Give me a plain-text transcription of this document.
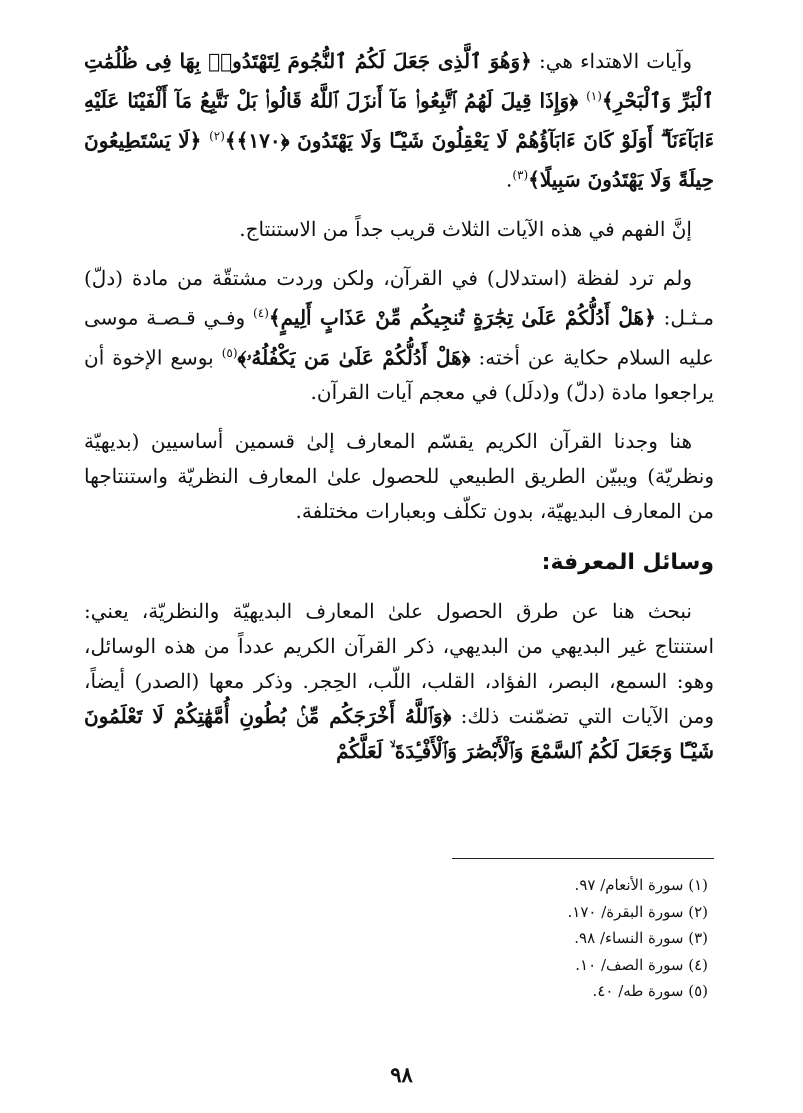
وآيات الاهتداء هي: ﴿وَهُوَ ٱلَّذِى جَعَلَ لَكُمُ ٱلنُّجُومَ لِتَهْتَدُوا۟ بِهَا فِى ظُلُمَٰتِ ٱلْبَرِّ وَٱلْبَحْرِ﴾$^{(١)}$ ﴿وَإِذَا قِيلَ لَهُمُ ٱتَّبِعُوا۟ مَآ أَنزَلَ ٱللَّهُ قَالُوا۟ بَلْ نَتَّبِعُ مَآ أَلْفَيْنَا عَلَيْهِ ءَابَآءَنَآ ۗ أَوَلَوْ كَانَ ءَابَآؤُهُمْ لَا يَعْقِلُونَ شَيْـًٔا وَلَا يَهْتَدُونَ ﴿١٧٠﴾﴾$^{(٢)}$ ﴿لَا يَسْتَطِيعُونَ حِيلَةً وَلَا يَهْتَدُونَ سَبِيلًا﴾$^{(٣)}$.

إنَّ الفهم في هذه الآيات الثلاث قريب جداً من الاستنتاج.

ولم ترد لفظة (استدلال) في القرآن، ولكن وردت مشتقّة من مادة (دلّ) مـثـل: ﴿هَلْ أَدُلُّكُمْ عَلَىٰ تِجَٰرَةٍ تُنجِيكُم مِّنْ عَذَابٍ أَلِيمٍ﴾$^{(٤)}$ وفـي قـصـة موسى عليه السلام حكاية عن أخته: ﴿هَلْ أَدُلُّكُمْ عَلَىٰ مَن يَكْفُلُهُۥ﴾$^{(٥)}$ بوسع الإخوة أن يراجعوا مادة (دلّ) و(دلَل) في معجم آيات القرآن.

هنا وجدنا القرآن الكريم يقسّم المعارف إلىٰ قسمين أساسيين (بديهيّة ونظريّة) ويبيّن الطريق الطبيعي للحصول علىٰ المعارف النظريّة واستنتاجها من المعارف البديهيّة، بدون تكلّف وبعبارات مختلفة.

وسائل المعرفة:

نبحث هنا عن طرق الحصول علىٰ المعارف البديهيّة والنظريّة، يعني: استنتاج غير البديهي من البديهي، ذكر القرآن الكريم عدداً من هذه الوسائل، وهو: السمع، البصر، الفؤاد، القلب، اللّب، الحِجر. وذكر معها (الصدر) أيضاً، ومن الآيات التي تضمّنت ذلك: ﴿وَٱللَّهُ أَخْرَجَكُم مِّنۢ بُطُونِ أُمَّهَٰتِكُمْ لَا تَعْلَمُونَ شَيْـًٔا وَجَعَلَ لَكُمُ ٱلسَّمْعَ وَٱلْأَبْصَٰرَ وَٱلْأَفْـِٔدَةَ ۙ لَعَلَّكُمْ

(١) سورة الأنعام/ ٩٧.
(٢) سورة البقرة/ ١٧٠.
(٣) سورة النساء/ ٩٨.
(٤) سورة الصف/ ١٠.
(٥) سورة طه/ ٤٠.
٩٨
